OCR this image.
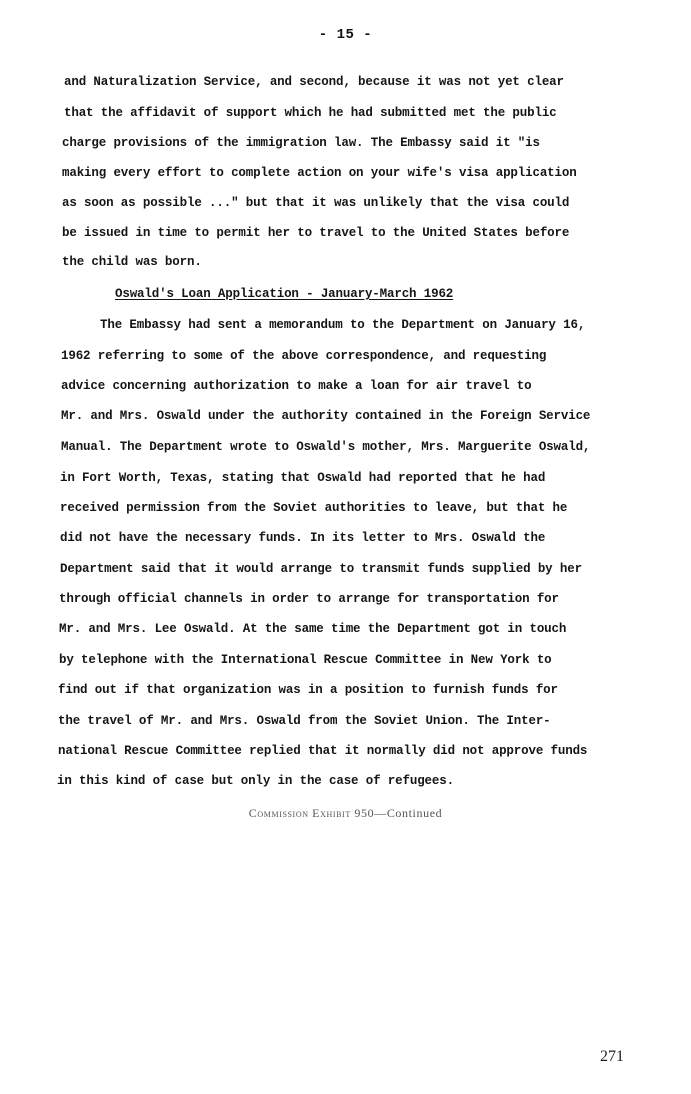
- 15 -
and Naturalization Service, and second, because it was not yet clear
that the affidavit of support which he had submitted met the public
charge provisions of the immigration law. The Embassy said it "is
making every effort to complete action on your wife's visa application
as soon as possible ..." but that it was unlikely that the visa could
be issued in time to permit her to travel to the United States before
the child was born.
Oswald's Loan Application - January-March 1962
The Embassy had sent a memorandum to the Department on January 16,
1962 referring to some of the above correspondence, and requesting
advice concerning authorization to make a loan for air travel to
Mr. and Mrs. Oswald under the authority contained in the Foreign Service
Manual. The Department wrote to Oswald's mother, Mrs. Marguerite Oswald,
in Fort Worth, Texas, stating that Oswald had reported that he had
received permission from the Soviet authorities to leave, but that he
did not have the necessary funds. In its letter to Mrs. Oswald the
Department said that it would arrange to transmit funds supplied by her
through official channels in order to arrange for transportation for
Mr. and Mrs. Lee Oswald. At the same time the Department got in touch
by telephone with the International Rescue Committee in New York to
find out if that organization was in a position to furnish funds for
the travel of Mr. and Mrs. Oswald from the Soviet Union. The Inter-
national Rescue Committee replied that it normally did not approve funds
in this kind of case but only in the case of refugees.
Commission Exhibit 950—Continued
271
